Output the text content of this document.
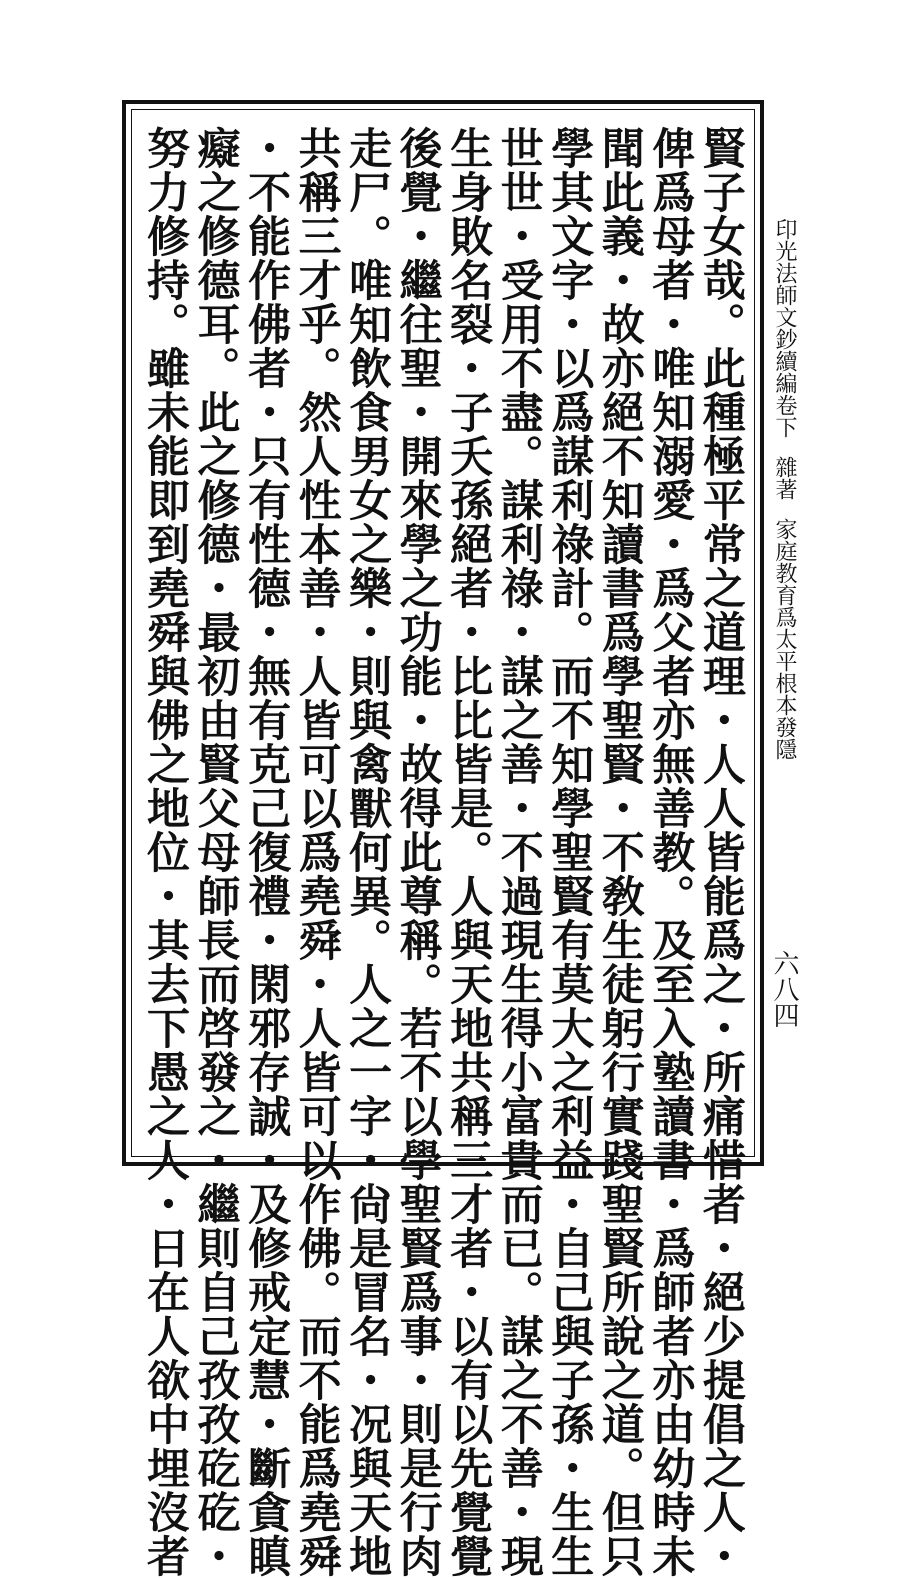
印光法師文鈔續編卷下雜著家庭教育爲太平根本發隱
六八四
賢子女哉。此種極平常之道理・人人皆能爲之・所痛惜者・絕少提倡之人・
俾爲母者・唯知溺愛・爲父者亦無善教。及至入塾讀書・爲師者亦由幼時未
聞此義・故亦絕不知讀書爲學聖賢・不敎生徒躬行實踐聖賢所說之道。但只
學其文字・以爲謀利祿計。而不知學聖賢有莫大之利益・自己與子孫・生生
世世・受用不盡。謀利祿・謀之善・不過現生得小富貴而已。謀之不善・現
生身敗名裂・子夭孫絕者・比比皆是。人與天地共稱三才者・以有以先覺覺
後覺・繼往聖・開來學之功能・故得此尊稱。若不以學聖賢爲事・則是行肉
走尸。唯知飲食男女之樂・則與禽獸何異。人之一字・尙是冒名・况與天地
共稱三才乎。然人性本善・人皆可以爲堯舜・人皆可以作佛。而不能爲堯舜
・不能作佛者・只有性德・無有克己復禮・閑邪存誠・及修戒定慧・斷貪瞋
癡之修德耳。此之修德・最初由賢父母師長而啓發之・繼則自己孜孜矻矻・
努力修持。雖未能即到堯舜與佛之地位・其去下愚之人・日在人欲中埋沒者
